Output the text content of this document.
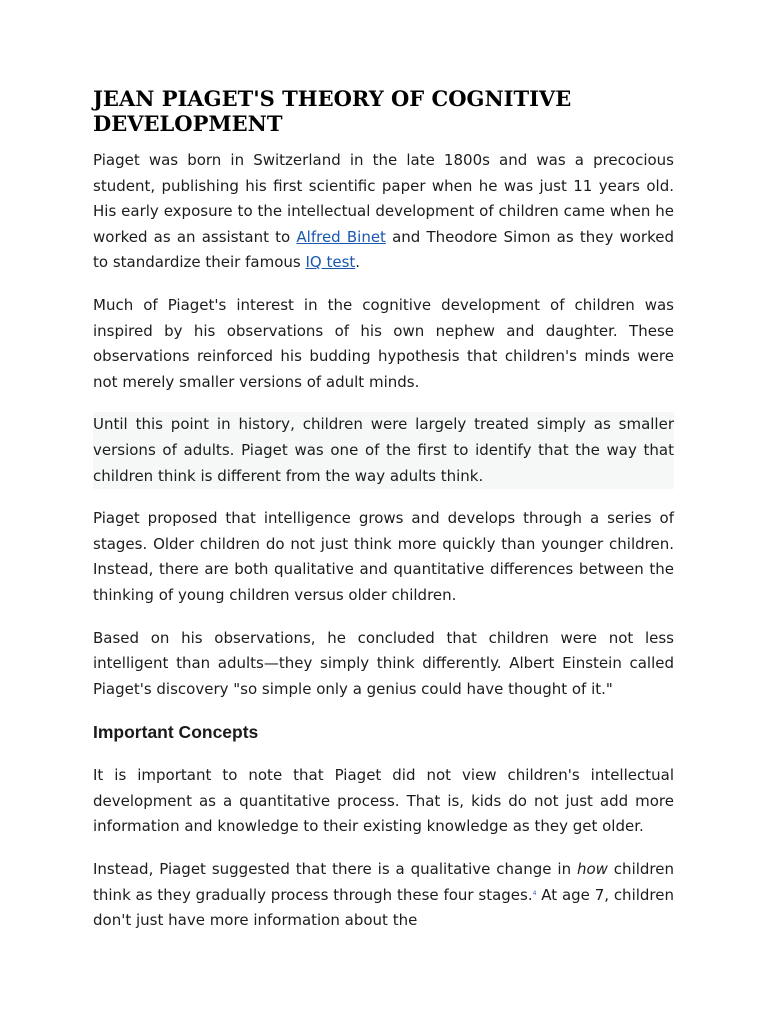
JEAN PIAGET'S THEORY OF COGNITIVE DEVELOPMENT

Piaget was born in Switzerland in the late 1800s and was a precocious student, publishing his first scientific paper when he was just 11 years old. His early exposure to the intellectual development of children came when he worked as an assistant to Alfred Binet and Theodore Simon as they worked to standardize their famous IQ test.

Much of Piaget's interest in the cognitive development of children was inspired by his observations of his own nephew and daughter. These observations reinforced his budding hypothesis that children's minds were not merely smaller versions of adult minds.

Until this point in history, children were largely treated simply as smaller versions of adults. Piaget was one of the first to identify that the way that children think is different from the way adults think.

Piaget proposed that intelligence grows and develops through a series of stages. Older children do not just think more quickly than younger children. Instead, there are both qualitative and quantitative differences between the thinking of young children versus older children.

Based on his observations, he concluded that children were not less intelligent than adults—they simply think differently. Albert Einstein called Piaget's discovery "so simple only a genius could have thought of it."

Important Concepts

It is important to note that Piaget did not view children's intellectual development as a quantitative process. That is, kids do not just add more information and knowledge to their existing knowledge as they get older.

Instead, Piaget suggested that there is a qualitative change in how children think as they gradually process through these four stages.$^4$ At age 7, children don't just have more information about the
